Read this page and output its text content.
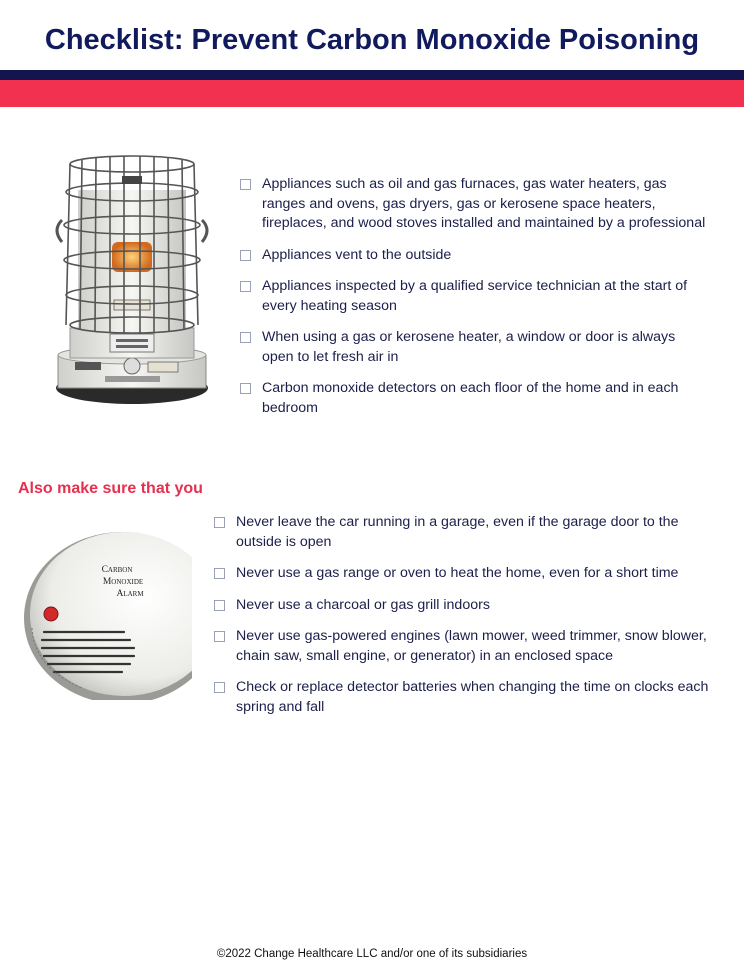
Checklist: Prevent Carbon Monoxide Poisoning
Appliances such as oil and gas furnaces, gas water heaters, gas ranges and ovens, gas dryers, gas or kerosene space heaters, fireplaces, and wood stoves installed and maintained by a professional
Appliances vent to the outside
Appliances inspected by a qualified service technician at the start of every heating season
When using a gas or kerosene heater, a window or door is always open to let fresh air in
Carbon monoxide detectors on each floor of the home and in each bedroom
Also make sure that you
Carbon
Monoxide
Alarm
Never leave the car running in a garage, even if the garage door to the outside is open
Never use a gas range or oven to heat the home, even for a short time
Never use a charcoal or gas grill indoors
Never use gas-powered engines (lawn mower, weed trimmer, snow blower, chain saw, small engine, or generator) in an enclosed space
Check or replace detector batteries when changing the time on clocks each spring and fall
©2022 Change Healthcare LLC and/or one of its subsidiaries
